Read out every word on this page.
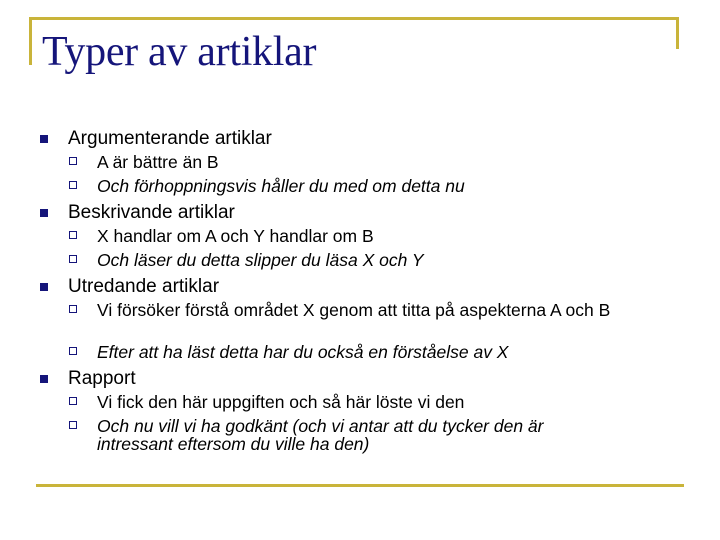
Typer av artiklar
Argumenterande artiklar
A är bättre än B
Och förhoppningsvis håller du med om detta nu
Beskrivande artiklar
X handlar om A och Y handlar om B
Och läser du detta slipper du läsa X och Y
Utredande artiklar
Vi försöker förstå området X genom att titta på aspekterna A och B
Efter att ha läst detta har du också en förståelse av X
Rapport
Vi fick den här uppgiften och så här löste vi den
Och nu vill vi ha godkänt (och vi antar att du tycker den är intressant eftersom du ville ha den)
